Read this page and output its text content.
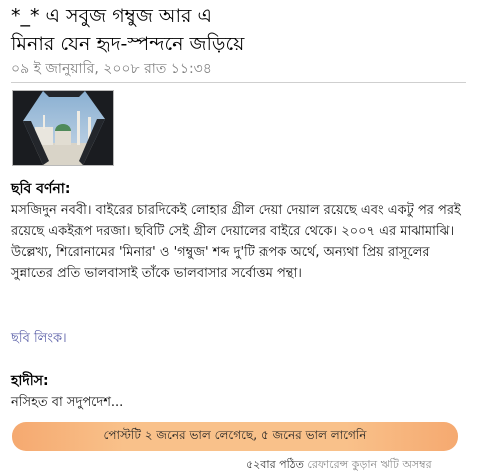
*_* এ সবুজ গম্বুজ আর এ
মিনার যেন হৃদ-স্পন্দনে জড়িয়ে
০৯ ই জানুয়ারি, ২০০৮ রাত ১১:৩৪
ছবি বর্ণনা:

মসজিদুন নববী। বাইরের চারদিকেই লোহার গ্রীল দেয়া দেয়াল রয়েছে এবং একটু পর পরই রয়েছে একইরূপ দরজা। ছবিটি সেই গ্রীল দেয়ালের বাইরে থেকে। ২০০৭ এর মাঝামাঝি। উল্লেখ্য, শিরোনামের 'মিনার' ও 'গম্বুজ' শব্দ দু'টি রূপক অর্থে, অন্যথা প্রিয় রাসূলের সুন্নাতের প্রতি ভালবাসাই তাঁকে ভালবাসার সর্বোত্তম পন্থা।

ছবি লিংক।
হাদীস:

নসিহত বা সদুপদেশ...

পোস্টটি ২ জনের ভাল লেগেছে, ৫ জনের ভাল লাগেনি
৫২বার পঠিত রেফারেন্স কুড়ান ঋটি অসম্বর
